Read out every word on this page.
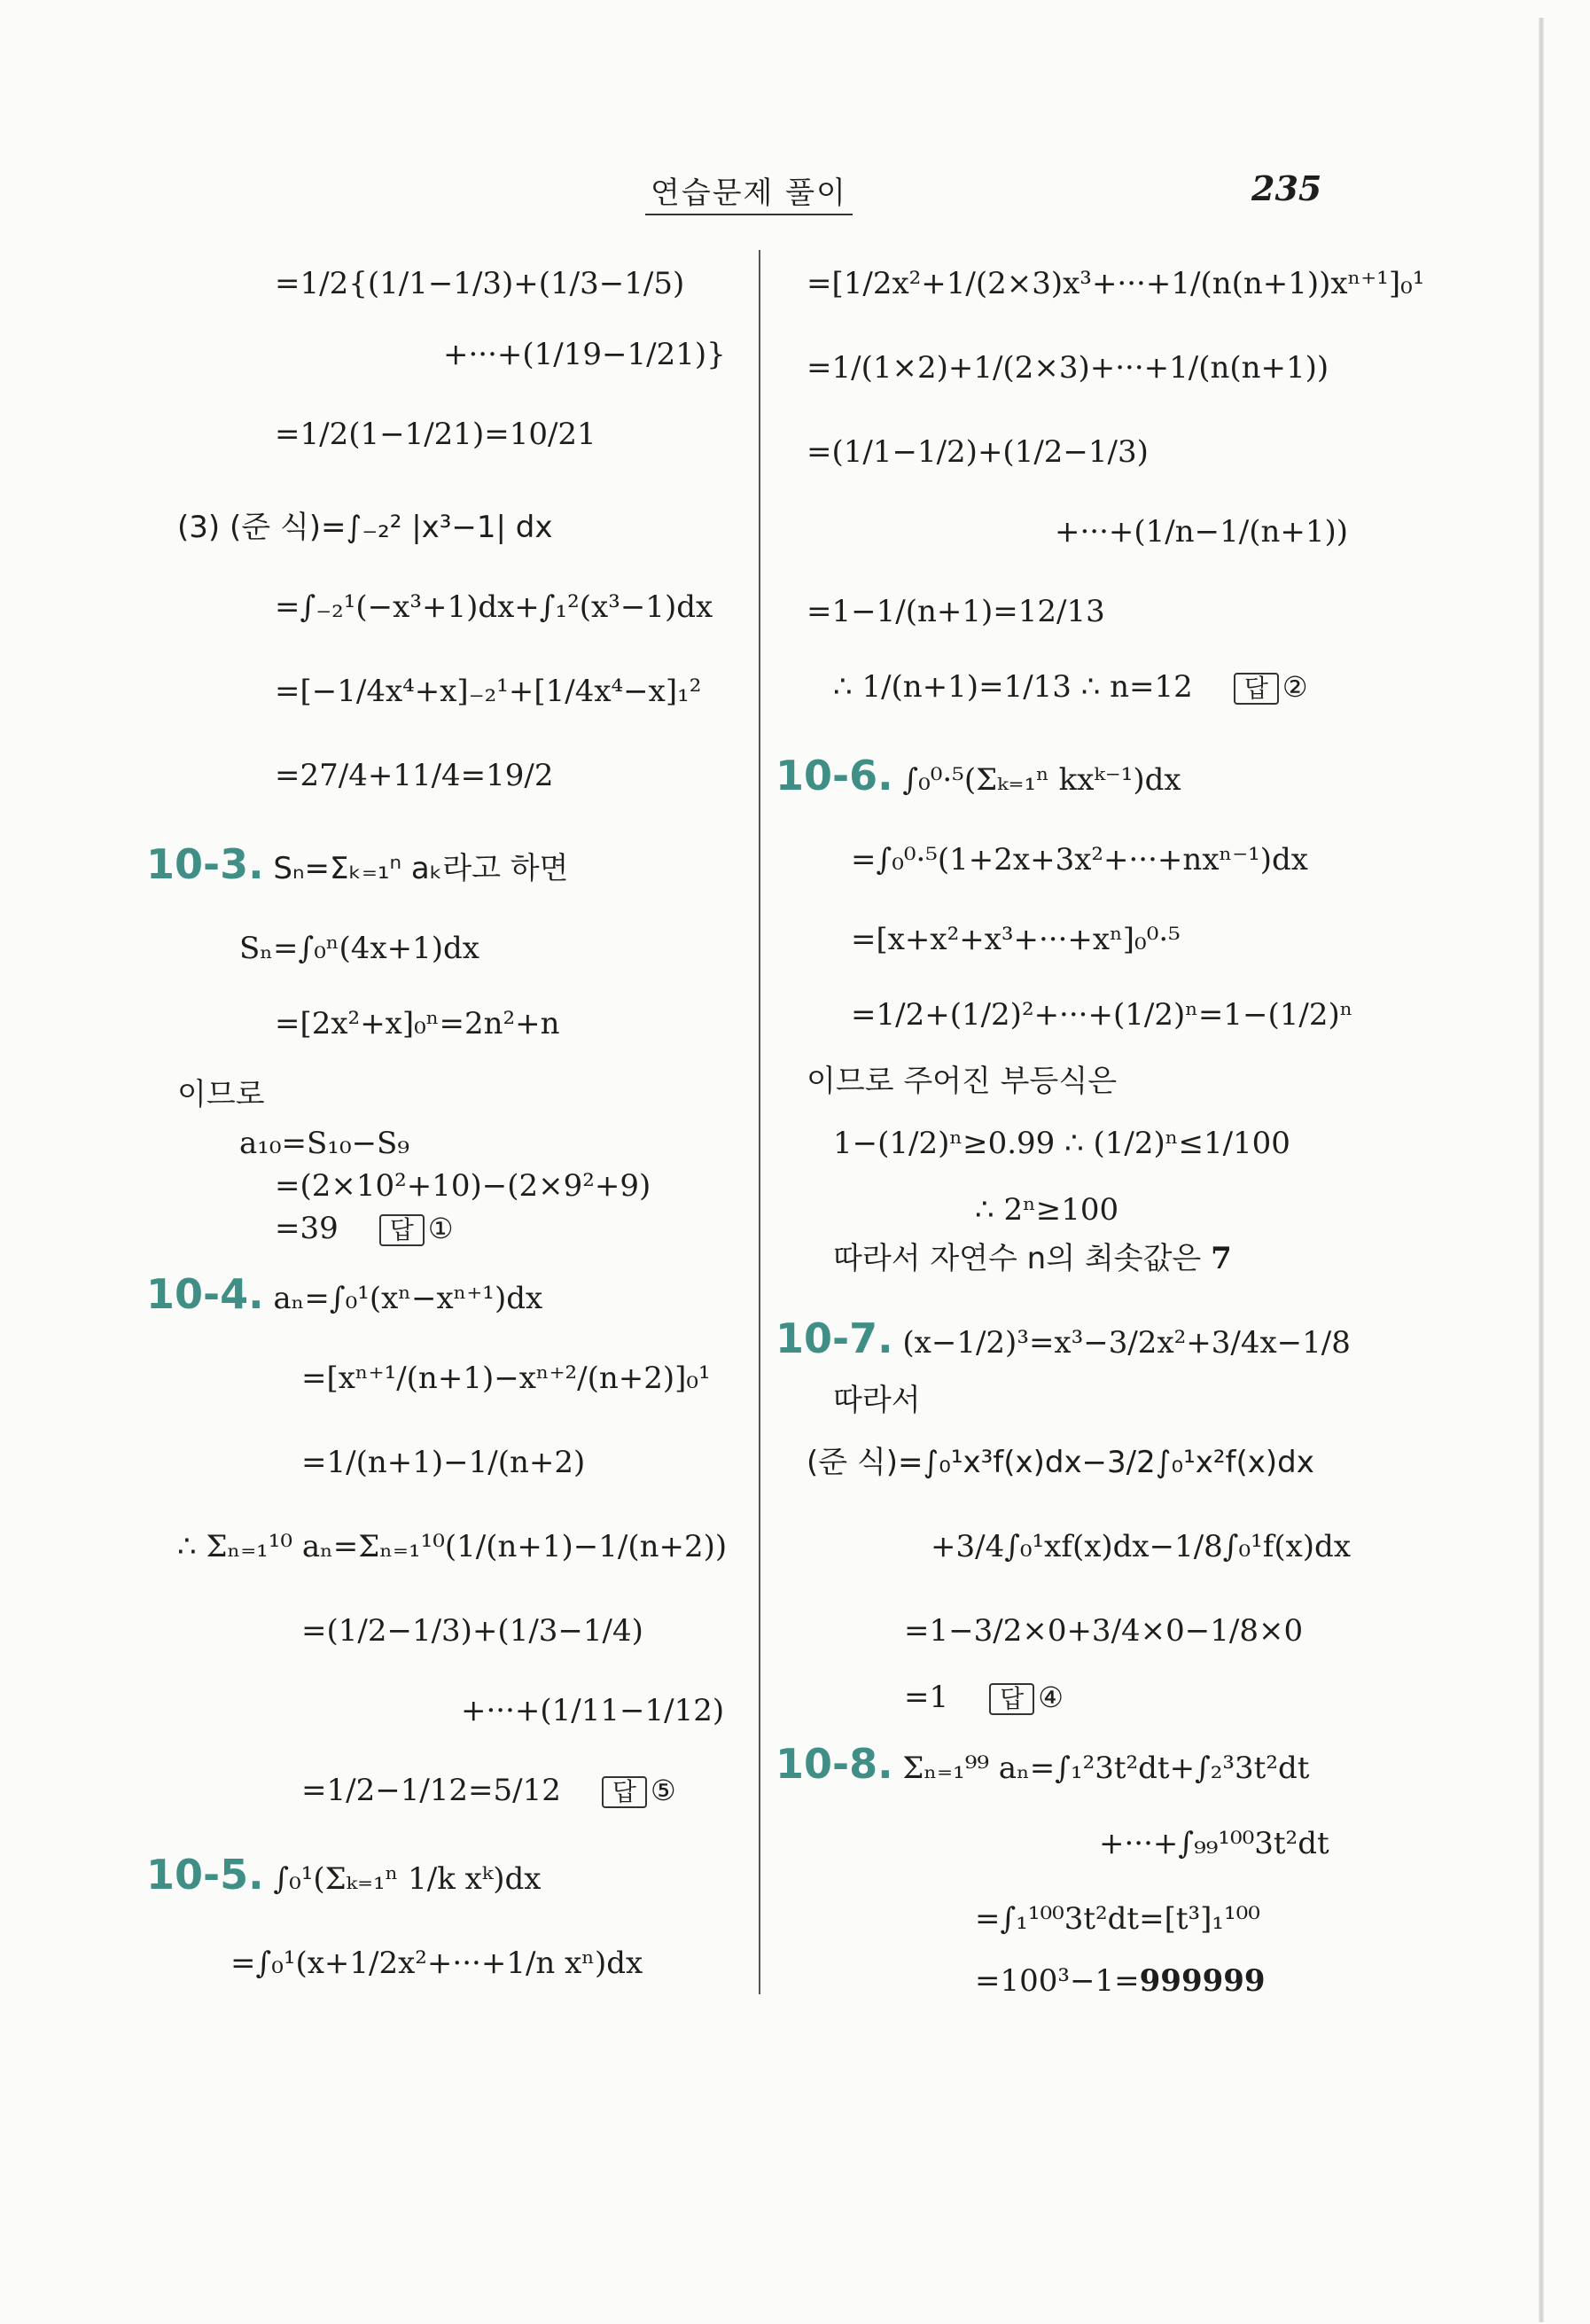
연습문제 풀이	235
=1/2{(1/1−1/3)+(1/3−1/5)
+···+(1/19−1/21)}
=1/2(1−1/21)=10/21
(3) (준 식)=∫₋₂² |x³−1| dx
=∫₋₂¹(−x³+1)dx+∫₁²(x³−1)dx
=[−1/4x⁴+x]₋₂¹+[1/4x⁴−x]₁²
=27/4+11/4=19/2
10-3. Sₙ=Σₖ₌₁ⁿ aₖ라고 하면
Sₙ=∫₀ⁿ(4x+1)dx
=[2x²+x]₀ⁿ=2n²+n
이므로
a₁₀=S₁₀−S₉
=(2×10²+10)−(2×9²+9)
=39 답 ①
10-4. aₙ=∫₀¹(xⁿ−xⁿ⁺¹)dx
=[xⁿ⁺¹/(n+1)−xⁿ⁺²/(n+2)]₀¹
=1/(n+1)−1/(n+2)
∴ Σₙ₌₁¹⁰ aₙ=Σₙ₌₁¹⁰(1/(n+1)−1/(n+2))
=(1/2−1/3)+(1/3−1/4)
+···+(1/11−1/12)
=1/2−1/12=5/12 답 ⑤
10-5. ∫₀¹(Σₖ₌₁ⁿ 1/k xᵏ)dx
=∫₀¹(x+1/2x²+···+1/n xⁿ)dx
=[1/2x²+1/(2×3)x³+···+1/(n(n+1))xⁿ⁺¹]₀¹
=1/(1×2)+1/(2×3)+···+1/(n(n+1))
=(1/1−1/2)+(1/2−1/3)
+···+(1/n−1/(n+1))
=1−1/(n+1)=12/13
∴ 1/(n+1)=1/13 ∴ n=12 답 ②
10-6. ∫₀⁰·⁵(Σₖ₌₁ⁿ kxᵏ⁻¹)dx
=∫₀⁰·⁵(1+2x+3x²+···+nxⁿ⁻¹)dx
=[x+x²+x³+···+xⁿ]₀⁰·⁵
=1/2+(1/2)²+···+(1/2)ⁿ=1−(1/2)ⁿ
이므로 주어진 부등식은
1−(1/2)ⁿ≥0.99 ∴ (1/2)ⁿ≤1/100
∴ 2ⁿ≥100
따라서 자연수 n의 최솟값은 7
10-7. (x−1/2)³=x³−3/2x²+3/4x−1/8
따라서
(준 식)=∫₀¹x³f(x)dx−3/2∫₀¹x²f(x)dx
+3/4∫₀¹xf(x)dx−1/8∫₀¹f(x)dx
=1−3/2×0+3/4×0−1/8×0
=1 답 ④
10-8. Σₙ₌₁⁹⁹ aₙ=∫₁²3t²dt+∫₂³3t²dt
+···+∫₉₉¹⁰⁰3t²dt
=∫₁¹⁰⁰3t²dt=[t³]₁¹⁰⁰
=100³−1=999999
